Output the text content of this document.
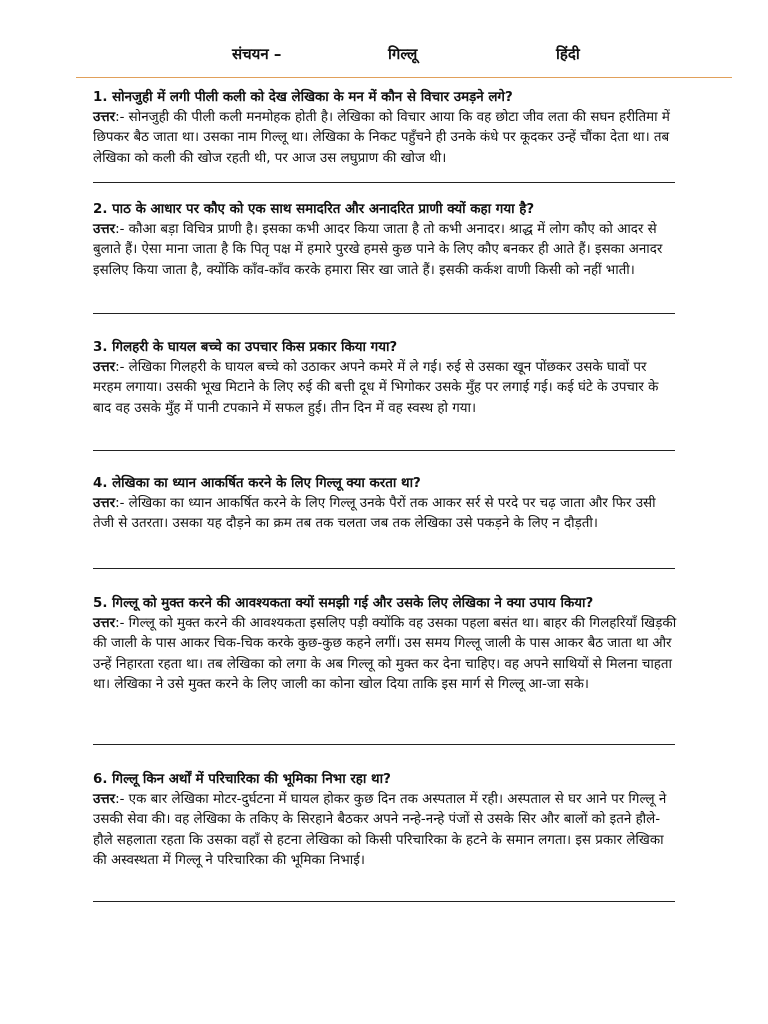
संचयन –	गिल्लू	हिंदी

1. सोनजुही में लगी पीली कली को देख लेखिका के मन में कौन से विचार उमड़ने लगे?

उत्तर:- सोनजुही की पीली कली मनमोहक होती है। लेखिका को विचार आया कि वह छोटा जीव लता की सघन हरीतिमा में छिपकर बैठ जाता था। उसका नाम गिल्लू था। लेखिका के निकट पहुँचने ही उनके कंधे पर कूदकर उन्हें चौंका देता था। तब लेखिका को कली की खोज रहती थी, पर आज उस लघुप्राण की खोज थी।

2. पाठ के आधार पर कौए को एक साथ समादरित और अनादरित प्राणी क्यों कहा गया है?

उत्तर:- कौआ बड़ा विचित्र प्राणी है। इसका कभी आदर किया जाता है तो कभी अनादर। श्राद्ध में लोग कौए को आदर से बुलाते हैं। ऐसा माना जाता है कि पितृ पक्ष में हमारे पुरखे हमसे कुछ पाने के लिए कौए बनकर ही आते हैं। इसका अनादर इसलिए किया जाता है, क्योंकि काँव-काँव करके हमारा सिर खा जाते हैं। इसकी कर्कश वाणी किसी को नहीं भाती।

3. गिलहरी के घायल बच्चे का उपचार किस प्रकार किया गया?

उत्तर:- लेखिका गिलहरी के घायल बच्चे को उठाकर अपने कमरे में ले गई। रुई से उसका खून पोंछकर उसके घावों पर मरहम लगाया। उसकी भूख मिटाने के लिए रुई की बत्ती दूध में भिगोकर उसके मुँह पर लगाई गई। कई घंटे के उपचार के बाद वह उसके मुँह में पानी टपकाने में सफल हुई। तीन दिन में वह स्वस्थ हो गया।

4. लेखिका का ध्यान आकर्षित करने के लिए गिल्लू क्या करता था?

उत्तर:- लेखिका का ध्यान आकर्षित करने के लिए गिल्लू उनके पैरों तक आकर सर्र से परदे पर चढ़ जाता और फिर उसी तेजी से उतरता। उसका यह दौड़ने का क्रम तब तक चलता जब तक लेखिका उसे पकड़ने के लिए न दौड़ती।

5. गिल्लू को मुक्त करने की आवश्यकता क्यों समझी गई और उसके लिए लेखिका ने क्या उपाय किया?

उत्तर:- गिल्लू को मुक्त करने की आवश्यकता इसलिए पड़ी क्योंकि वह उसका पहला बसंत था। बाहर की गिलहरियाँ खिड़की की जाली के पास आकर चिक-चिक करके कुछ-कुछ कहने लगीं। उस समय गिल्लू जाली के पास आकर बैठ जाता था और उन्हें निहारता रहता था। तब लेखिका को लगा के अब गिल्लू को मुक्त कर देना चाहिए। वह अपने साथियों से मिलना चाहता था। लेखिका ने उसे मुक्त करने के लिए जाली का कोना खोल दिया ताकि इस मार्ग से गिल्लू आ-जा सके।

6. गिल्लू किन अर्थों में परिचारिका की भूमिका निभा रहा था?

उत्तर:- एक बार लेखिका मोटर-दुर्घटना में घायल होकर कुछ दिन तक अस्पताल में रही। अस्पताल से घर आने पर गिल्लू ने उसकी सेवा की। वह लेखिका के तकिए के सिरहाने बैठकर अपने नन्हे-नन्हे पंजों से उसके सिर और बालों को इतने हौले-हौले सहलाता रहता कि उसका वहाँ से हटना लेखिका को किसी परिचारिका के हटने के समान लगता। इस प्रकार लेखिका की अस्वस्थता में गिल्लू ने परिचारिका की भूमिका निभाई।
